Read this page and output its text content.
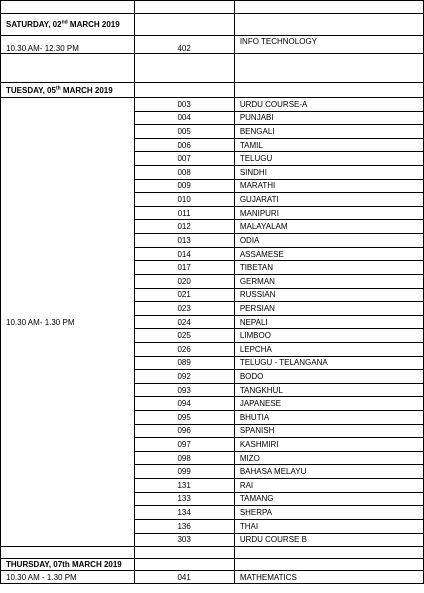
SATURDAY, 02nd MARCH 2019		
10.30 AM- 12.30 PM	402	INFO TECHNOLOGY

TUESDAY, 05th MARCH 2019		
10.30 AM- 1.30 PM	003	URDU COURSE-A
	004	PUNJABI
	005	BENGALI
	006	TAMIL
	007	TELUGU
	008	SINDHI
	009	MARATHI
	010	GUJARATI
	011	MANIPURI
	012	MALAYALAM
	013	ODIA
	014	ASSAMESE
	017	TIBETAN
	020	GERMAN
	021	RUSSIAN
	023	PERSIAN
	024	NEPALI
	025	LIMBOO
	026	LEPCHA
	089	TELUGU - TELANGANA
	092	BODO
	093	TANGKHUL
	094	JAPANESE
	095	BHUTIA
	096	SPANISH
	097	KASHMIRI
	098	MIZO
	099	BAHASA MELAYU
	131	RAI
	133	TAMANG
	134	SHERPA
	136	THAI
	303	URDU COURSE B

THURSDAY, 07th MARCH 2019		
10.30 AM - 1.30 PM	041	MATHEMATICS
